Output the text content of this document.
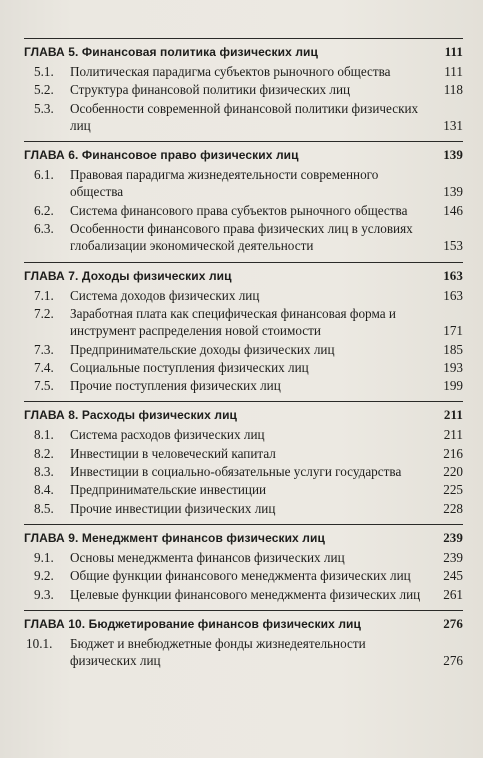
ГЛАВА 5. Финансовая политика физических лиц	111
5.1.	Политическая парадигма субъектов рыночного общества	111
5.2.	Структура финансовой политики физических лиц	118
5.3.	Особенности современной финансовой политики физических лиц	131
ГЛАВА 6. Финансовое право физических лиц	139
6.1.	Правовая парадигма жизнедеятельности современного общества	139
6.2.	Система финансового права субъектов рыночного общества	146
6.3.	Особенности финансового права физических лиц в условиях глобализации экономической деятельности	153
ГЛАВА 7. Доходы физических лиц	163
7.1.	Система доходов физических лиц	163
7.2.	Заработная плата как специфическая финансовая форма и инструмент распределения новой стоимости	171
7.3.	Предпринимательские доходы физических лиц	185
7.4.	Социальные поступления физических лиц	193
7.5.	Прочие поступления физических лиц	199
ГЛАВА 8. Расходы физических лиц	211
8.1.	Система расходов физических лиц	211
8.2.	Инвестиции в человеческий капитал	216
8.3.	Инвестиции в социально-обязательные услуги государства	220
8.4.	Предпринимательские инвестиции	225
8.5.	Прочие инвестиции физических лиц	228
ГЛАВА 9. Менеджмент финансов физических лиц	239
9.1.	Основы менеджмента финансов физических лиц	239
9.2.	Общие функции финансового менеджмента физических лиц	245
9.3.	Целевые функции финансового менеджмента физических лиц	261
ГЛАВА 10. Бюджетирование финансов физических лиц	276
10.1.	Бюджет и внебюджетные фонды жизнедеятельности физических лиц	276
